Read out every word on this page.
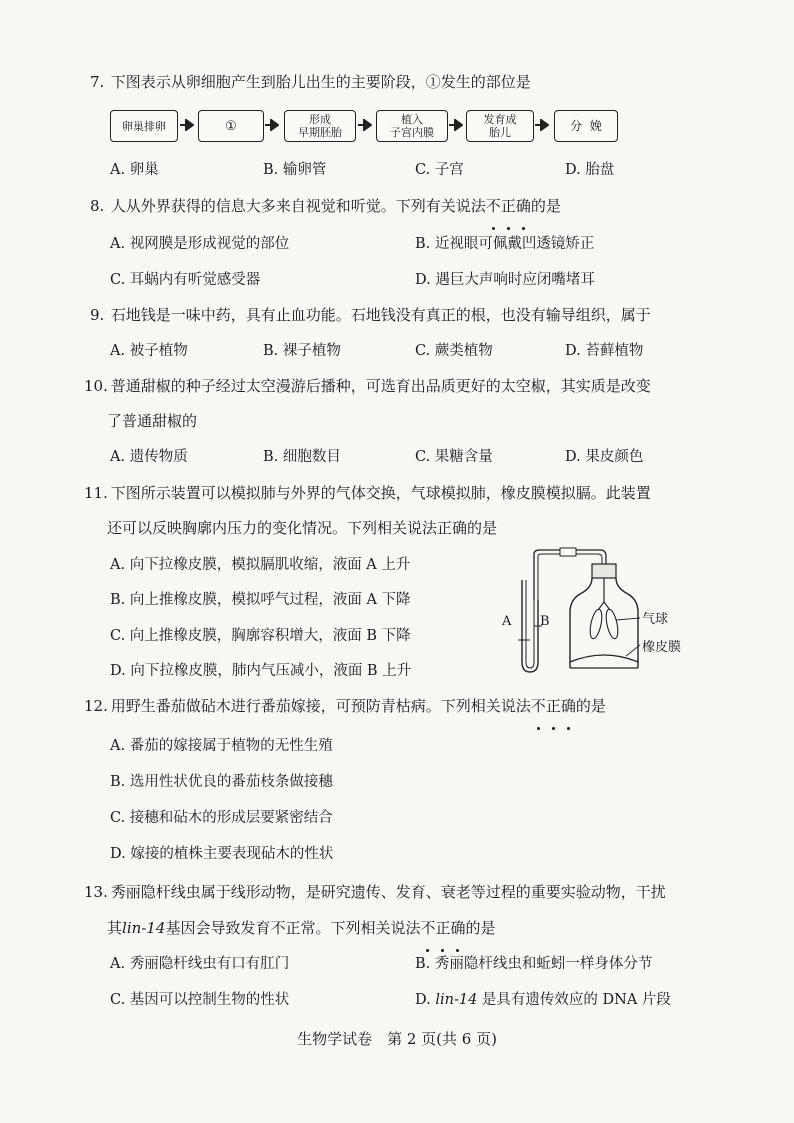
7. 下图表示从卵细胞产生到胎儿出生的主要阶段，①发生的部位是
卵巢排卵	①	形成
早期胚胎
植入
子宫内膜
发育成
胎儿	分  娩
A. 卵巢	B. 输卵管	C. 子宫	D. 胎盘
8. 人从外界获得的信息大多来自视觉和听觉。下列有关说法不正确的是
A. 视网膜是形成视觉的部位	B. 近视眼可佩戴凹透镜矫正
C. 耳蜗内有听觉感受器	D. 遇巨大声响时应闭嘴堵耳
9. 石地钱是一味中药，具有止血功能。石地钱没有真正的根，也没有输导组织，属于
A. 被子植物	B. 裸子植物	C. 蕨类植物	D. 苔藓植物
10. 普通甜椒的种子经过太空漫游后播种，可选育出品质更好的太空椒，其实质是改变
了普通甜椒的
A. 遗传物质	B. 细胞数目	C. 果糖含量	D. 果皮颜色
11. 下图所示装置可以模拟肺与外界的气体交换，气球模拟肺，橡皮膜模拟膈。此装置
还可以反映胸廓内压力的变化情况。下列相关说法正确的是
A. 向下拉橡皮膜，模拟膈肌收缩，液面 A 上升
B. 向上推橡皮膜，模拟呼气过程，液面 A 下降
C. 向上推橡皮膜，胸廓容积增大，液面 B 下降
D. 向下拉橡皮膜，肺内气压减小，液面 B 上升
A B	气球
橡皮膜
12. 用野生番茄做砧木进行番茄嫁接，可预防青枯病。下列相关说法不正确的是
A. 番茄的嫁接属于植物的无性生殖
B. 选用性状优良的番茄枝条做接穗
C. 接穗和砧木的形成层要紧密结合
D. 嫁接的植株主要表现砧木的性状
13. 秀丽隐杆线虫属于线形动物，是研究遗传、发育、衰老等过程的重要实验动物，干扰
其lin-14基因会导致发育不正常。下列相关说法不正确的是
A. 秀丽隐杆线虫有口有肛门	B. 秀丽隐杆线虫和蚯蚓一样身体分节
C. 基因可以控制生物的性状	D. lin-14 是具有遗传效应的 DNA 片段
生物学试卷　第 2 页(共 6 页)
